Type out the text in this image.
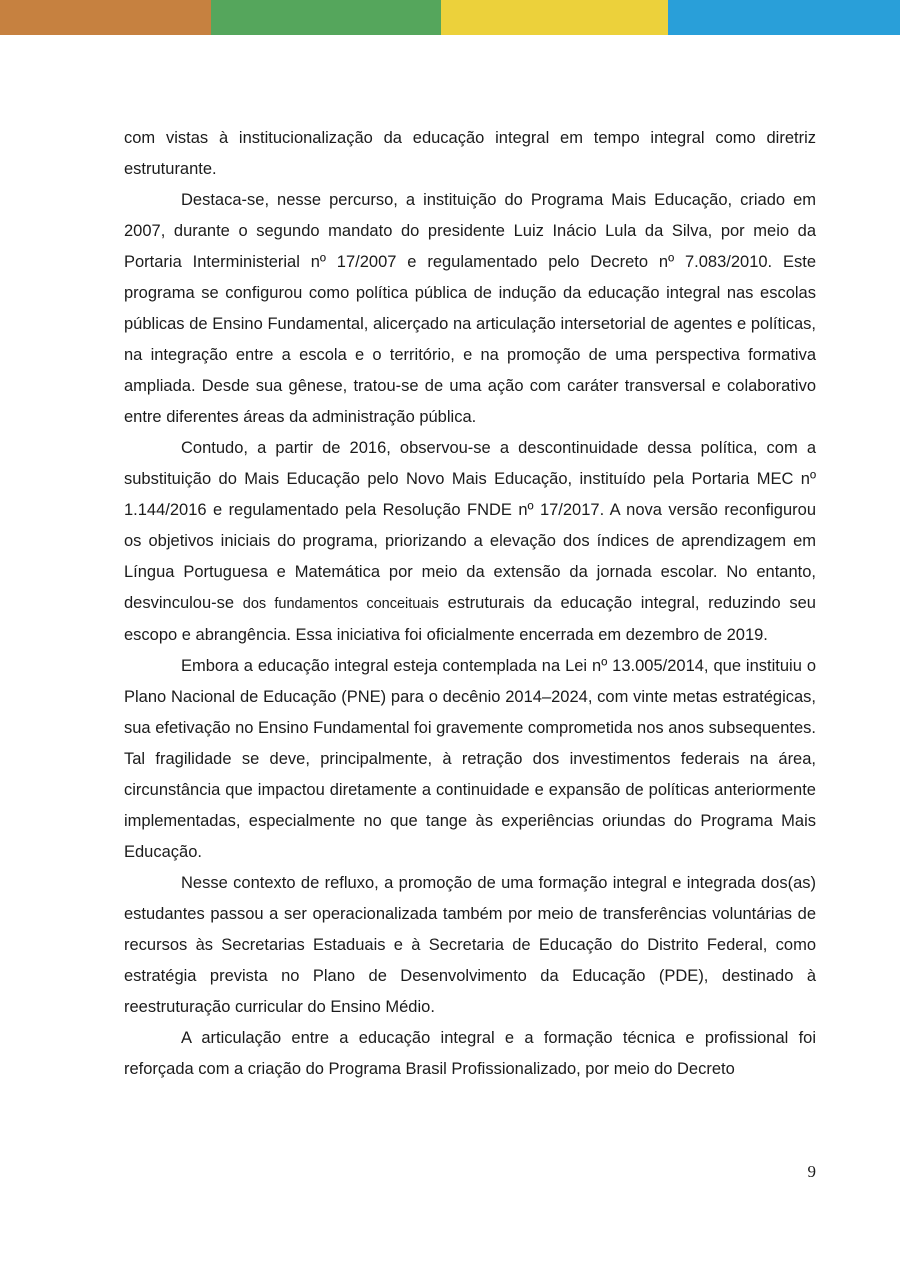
com vistas à institucionalização da educação integral em tempo integral como diretriz estruturante.

Destaca-se, nesse percurso, a instituição do Programa Mais Educação, criado em 2007, durante o segundo mandato do presidente Luiz Inácio Lula da Silva, por meio da Portaria Interministerial nº 17/2007 e regulamentado pelo Decreto nº 7.083/2010. Este programa se configurou como política pública de indução da educação integral nas escolas públicas de Ensino Fundamental, alicerçado na articulação intersetorial de agentes e políticas, na integração entre a escola e o território, e na promoção de uma perspectiva formativa ampliada. Desde sua gênese, tratou-se de uma ação com caráter transversal e colaborativo entre diferentes áreas da administração pública.

Contudo, a partir de 2016, observou-se a descontinuidade dessa política, com a substituição do Mais Educação pelo Novo Mais Educação, instituído pela Portaria MEC nº 1.144/2016 e regulamentado pela Resolução FNDE nº 17/2017. A nova versão reconfigurou os objetivos iniciais do programa, priorizando a elevação dos índices de aprendizagem em Língua Portuguesa e Matemática por meio da extensão da jornada escolar. No entanto, desvinculou-se dos fundamentos conceituais estruturais da educação integral, reduzindo seu escopo e abrangência. Essa iniciativa foi oficialmente encerrada em dezembro de 2019.

Embora a educação integral esteja contemplada na Lei nº 13.005/2014, que instituiu o Plano Nacional de Educação (PNE) para o decênio 2014–2024, com vinte metas estratégicas, sua efetivação no Ensino Fundamental foi gravemente comprometida nos anos subsequentes. Tal fragilidade se deve, principalmente, à retração dos investimentos federais na área, circunstância que impactou diretamente a continuidade e expansão de políticas anteriormente implementadas, especialmente no que tange às experiências oriundas do Programa Mais Educação.

Nesse contexto de refluxo, a promoção de uma formação integral e integrada dos(as) estudantes passou a ser operacionalizada também por meio de transferências voluntárias de recursos às Secretarias Estaduais e à Secretaria de Educação do Distrito Federal, como estratégia prevista no Plano de Desenvolvimento da Educação (PDE), destinado à reestruturação curricular do Ensino Médio.

A articulação entre a educação integral e a formação técnica e profissional foi reforçada com a criação do Programa Brasil Profissionalizado, por meio do Decreto

9
